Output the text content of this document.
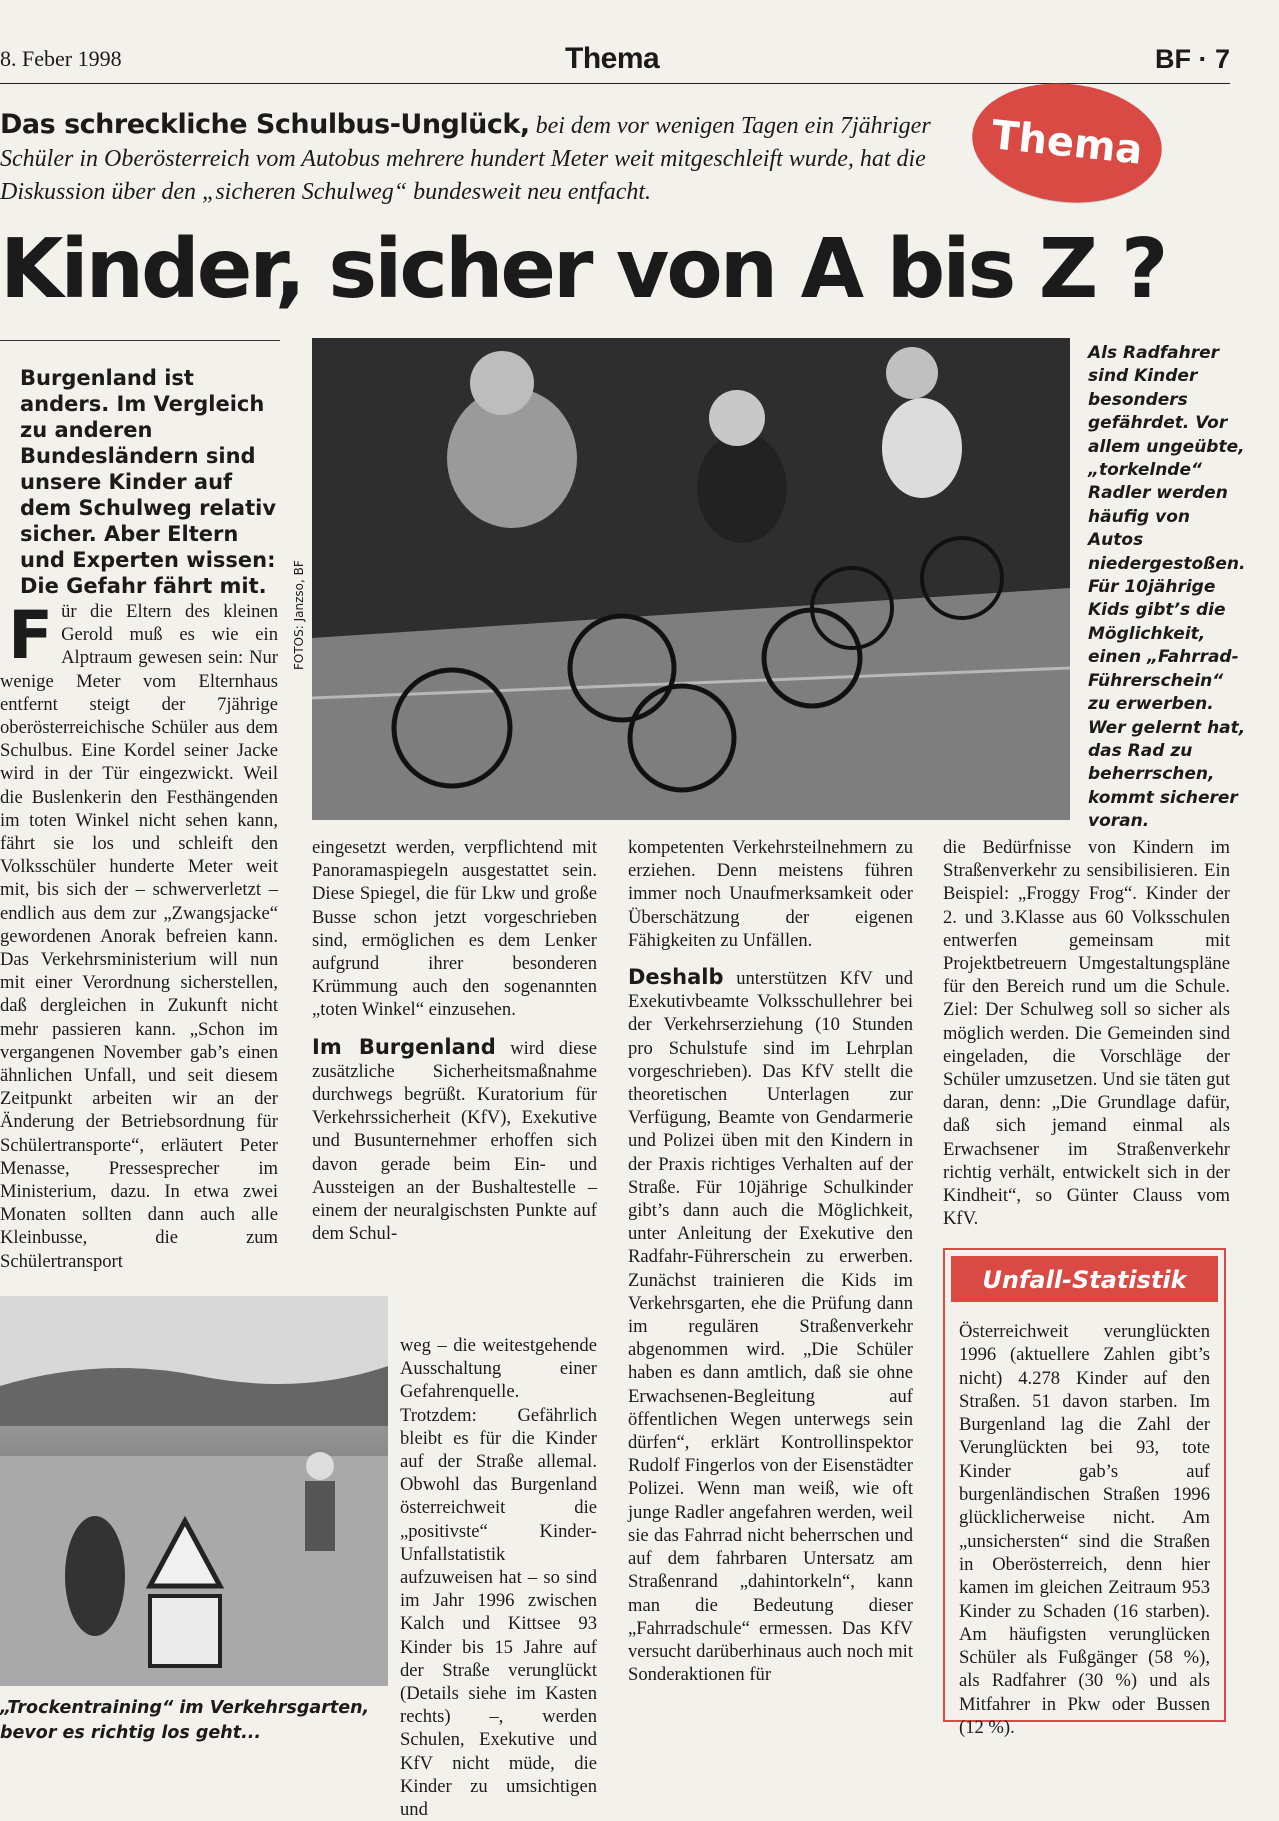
8. Feber 1998	Thema	BF · 7
Das schreckliche Schulbus-Unglück, bei dem vor wenigen Tagen ein 7jähriger Schüler in Oberösterreich vom Autobus mehrere hundert Meter weit mitgeschleift wurde, hat die Diskussion über den „sicheren Schulweg“ bundesweit neu entfacht.
Thema
Kinder, sicher von A bis Z ?
Burgenland ist anders. Im Vergleich zu anderen Bundesländern sind unsere Kinder auf dem Schulweg relativ sicher. Aber Eltern und Experten wissen: Die Gefahr fährt mit.	FOTOS: Janzso, BF
Als Radfahrer sind Kinder besonders gefährdet. Vor allem ungeübte, „torkelnde“ Radler werden häufig von Autos niedergestoßen. Für 10jährige Kids gibt’s die Möglichkeit, einen „Fahrrad-Führerschein“ zu erwerben. Wer gelernt hat, das Rad zu beherrschen, kommt sicherer voran.
Für die Eltern des kleinen Gerold muß es wie ein Alptraum gewesen sein: Nur wenige Meter vom Elternhaus entfernt steigt der 7jährige oberösterreichische Schüler aus dem Schulbus. Eine Kordel seiner Jacke wird in der Tür eingezwickt. Weil die Buslenkerin den Festhängenden im toten Winkel nicht sehen kann, fährt sie los und schleift den Volksschüler hunderte Meter weit mit, bis sich der – schwerverletzt – endlich aus dem zur „Zwangsjacke“ gewordenen Anorak befreien kann. Das Verkehrsministerium will nun mit einer Verordnung sicherstellen, daß dergleichen in Zukunft nicht mehr passieren kann. „Schon im vergangenen November gab’s einen ähnlichen Unfall, und seit diesem Zeitpunkt arbeiten wir an der Änderung der Betriebsordnung für Schülertransporte“, erläutert Peter Menasse, Pressesprecher im Ministerium, dazu. In etwa zwei Monaten sollten dann auch alle Kleinbusse, die zum Schülertransport

eingesetzt werden, verpflichtend mit Panoramaspiegeln ausgestattet sein. Diese Spiegel, die für Lkw und große Busse schon jetzt vorgeschrieben sind, ermöglichen es dem Lenker aufgrund ihrer besonderen Krümmung auch den sogenannten „toten Winkel“ einzusehen.

Im Burgenland wird diese zusätzliche Sicherheitsmaßnahme durchwegs begrüßt. Kuratorium für Verkehrssicherheit (KfV), Exekutive und Busunternehmer erhoffen sich davon gerade beim Ein- und Aussteigen an der Bushaltestelle – einem der neuralgischsten Punkte auf dem Schul-

weg – die weitestgehende Ausschaltung einer Gefahrenquelle. Trotzdem: Gefährlich bleibt es für die Kinder auf der Straße allemal. Obwohl das Burgenland österreichweit die „positivste“ Kinder-Unfallstatistik aufzuweisen hat – so sind im Jahr 1996 zwischen Kalch und Kittsee 93 Kinder bis 15 Jahre auf der Straße verunglückt (Details siehe im Kasten rechts) –, werden Schulen, Exekutive und KfV nicht müde, die Kinder zu umsichtigen und

kompetenten Verkehrsteilnehmern zu erziehen. Denn meistens führen immer noch Unaufmerksamkeit oder Überschätzung der eigenen Fähigkeiten zu Unfällen.

Deshalb unterstützen KfV und Exekutivbeamte Volksschullehrer bei der Verkehrserziehung (10 Stunden pro Schulstufe sind im Lehrplan vorgeschrieben). Das KfV stellt die theoretischen Unterlagen zur Verfügung, Beamte von Gendarmerie und Polizei üben mit den Kindern in der Praxis richtiges Verhalten auf der Straße. Für 10jährige Schulkinder gibt’s dann auch die Möglichkeit, unter Anleitung der Exekutive den Radfahr-Führerschein zu erwerben. Zunächst trainieren die Kids im Verkehrsgarten, ehe die Prüfung dann im regulären Straßenverkehr abgenommen wird. „Die Schüler haben es dann amtlich, daß sie ohne Erwachsenen-Begleitung auf öffentlichen Wegen unterwegs sein dürfen“, erklärt Kontrollinspektor Rudolf Fingerlos von der Eisenstädter Polizei. Wenn man weiß, wie oft junge Radler angefahren werden, weil sie das Fahrrad nicht beherrschen und auf dem fahrbaren Untersatz am Straßenrand „dahintorkeln“, kann man die Bedeutung dieser „Fahrradschule“ ermessen. Das KfV versucht darüberhinaus auch noch mit Sonderaktionen für

die Bedürfnisse von Kindern im Straßenverkehr zu sensibilisieren. Ein Beispiel: „Froggy Frog“. Kinder der 2. und 3.Klasse aus 60 Volksschulen entwerfen gemeinsam mit Projektbetreuern Umgestaltungspläne für den Bereich rund um die Schule. Ziel: Der Schulweg soll so sicher als möglich werden. Die Gemeinden sind eingeladen, die Vorschläge der Schüler umzusetzen. Und sie täten gut daran, denn: „Die Grundlage dafür, daß sich jemand einmal als Erwachsener im Straßenverkehr richtig verhält, entwickelt sich in der Kindheit“, so Günter Clauss vom KfV.
„Trockentraining“ im Verkehrsgarten, bevor es richtig los geht...
Unfall-Statistik
Österreichweit verunglückten 1996 (aktuellere Zahlen gibt’s nicht) 4.278 Kinder auf den Straßen. 51 davon starben. Im Burgenland lag die Zahl der Verunglückten bei 93, tote Kinder gab’s auf burgenländischen Straßen 1996 glücklicherweise nicht. Am „unsichersten“ sind die Straßen in Oberösterreich, denn hier kamen im gleichen Zeitraum 953 Kinder zu Schaden (16 starben). Am häufigsten verunglücken Schüler als Fußgänger (58 %), als Radfahrer (30 %) und als Mitfahrer in Pkw oder Bussen (12 %).
